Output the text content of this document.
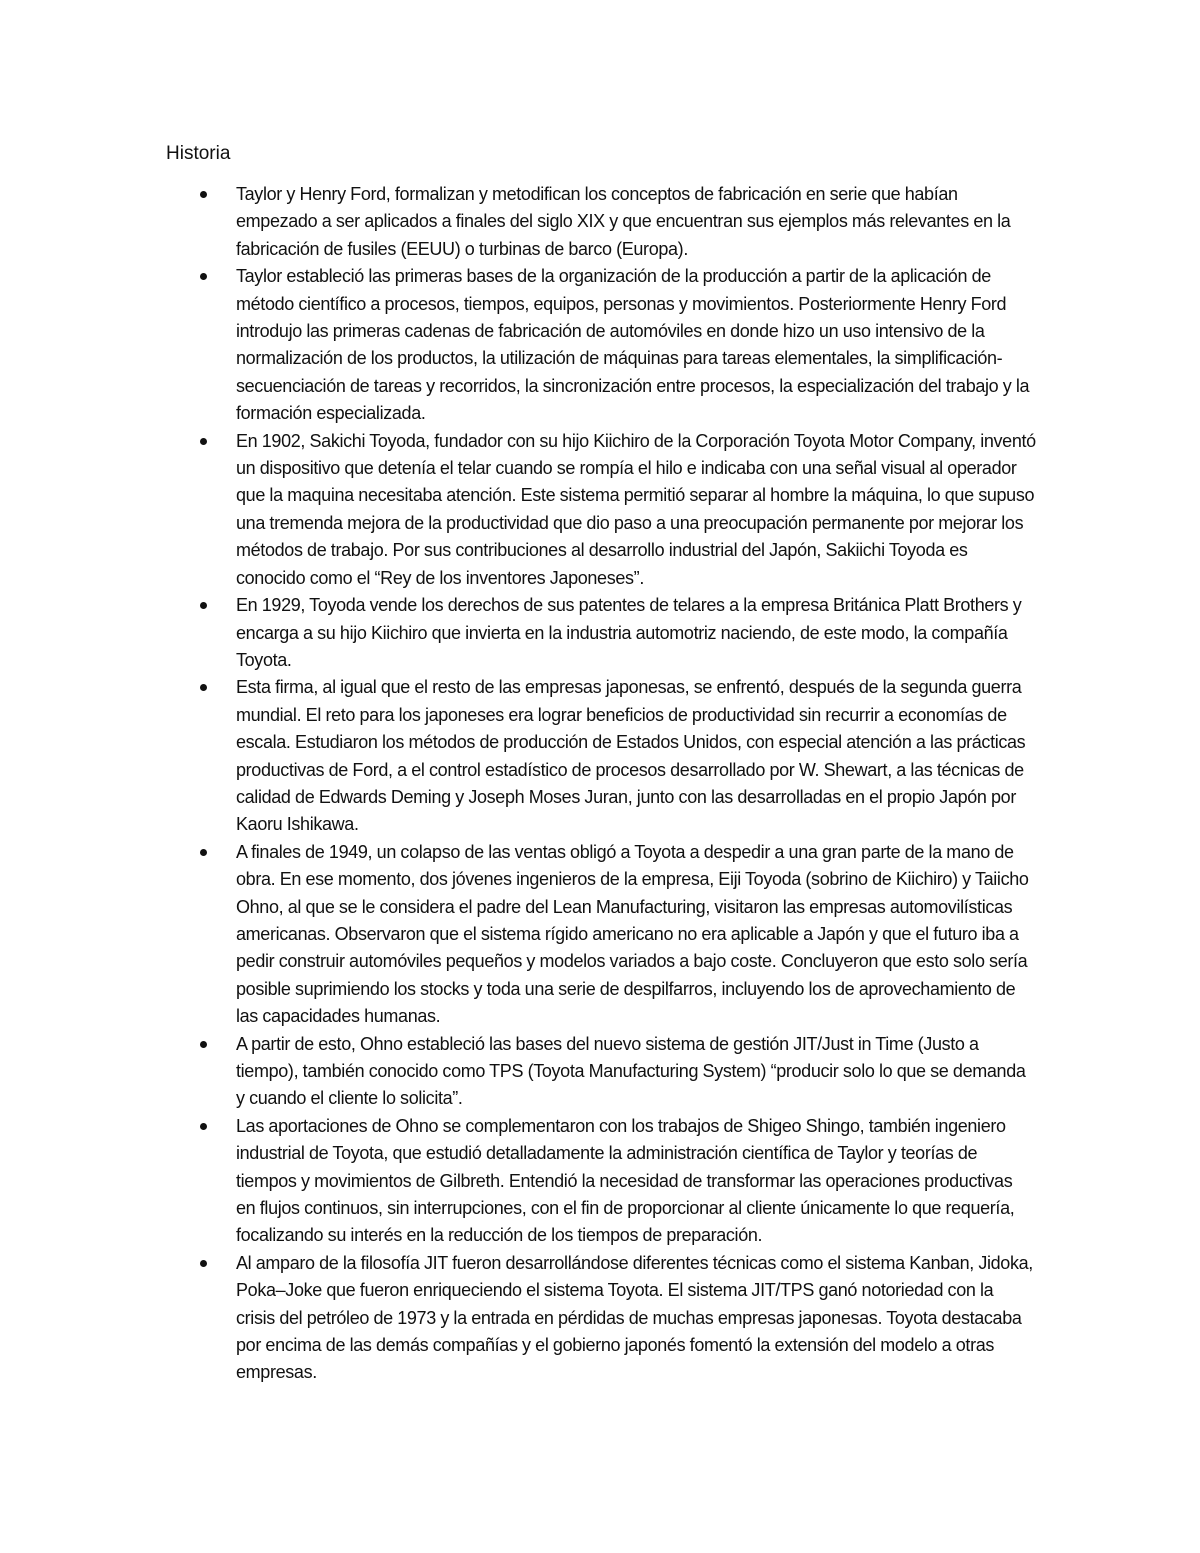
Historia
Taylor y Henry Ford, formalizan y metodifican los conceptos de fabricación en serie que habían empezado a ser aplicados a finales del siglo XIX y que encuentran sus ejemplos más relevantes en la fabricación de fusiles (EEUU) o turbinas de barco (Europa).
Taylor estableció las primeras bases de la organización de la producción a partir de la aplicación de método científico a procesos, tiempos, equipos, personas y movimientos. Posteriormente Henry Ford introdujo las primeras cadenas de fabricación de automóviles en donde hizo un uso intensivo de la normalización de los productos, la utilización de máquinas para tareas elementales, la simplificación-secuenciación de tareas y recorridos, la sincronización entre procesos, la especialización del trabajo y la formación especializada.
En 1902, Sakichi Toyoda, fundador con su hijo Kiichiro de la Corporación Toyota Motor Company, inventó un dispositivo que detenía el telar cuando se rompía el hilo e indicaba con una señal visual al operador que la maquina necesitaba atención. Este sistema permitió separar al hombre la máquina, lo que supuso una tremenda mejora de la productividad que dio paso a una preocupación permanente por mejorar los métodos de trabajo. Por sus contribuciones al desarrollo industrial del Japón, Sakiichi Toyoda es conocido como el “Rey de los inventores Japoneses”.
En 1929, Toyoda vende los derechos de sus patentes de telares a la empresa Británica Platt Brothers y encarga a su hijo Kiichiro que invierta en la industria automotriz naciendo, de este modo, la compañía Toyota.
Esta firma, al igual que el resto de las empresas japonesas, se enfrentó, después de la segunda guerra mundial. El reto para los japoneses era lograr beneficios de productividad sin recurrir a economías de escala. Estudiaron los métodos de producción de Estados Unidos, con especial atención a las prácticas productivas de Ford, a el control estadístico de procesos desarrollado por W. Shewart, a las técnicas de calidad de Edwards Deming y Joseph Moses Juran, junto con las desarrolladas en el propio Japón por Kaoru Ishikawa.
A finales de 1949, un colapso de las ventas obligó a Toyota a despedir a una gran parte de la mano de obra. En ese momento, dos jóvenes ingenieros de la empresa, Eiji Toyoda (sobrino de Kiichiro) y Taiicho Ohno, al que se le considera el padre del Lean Manufacturing, visitaron las empresas automovilísticas americanas. Observaron que el sistema rígido americano no era aplicable a Japón y que el futuro iba a pedir construir automóviles pequeños y modelos variados a bajo coste. Concluyeron que esto solo sería posible suprimiendo los stocks y toda una serie de despilfarros, incluyendo los de aprovechamiento de las capacidades humanas.
A partir de esto, Ohno estableció las bases del nuevo sistema de gestión JIT/Just in Time (Justo a tiempo), también conocido como TPS (Toyota Manufacturing System) “producir solo lo que se demanda y cuando el cliente lo solicita”.
Las aportaciones de Ohno se complementaron con los trabajos de Shigeo Shingo, también ingeniero industrial de Toyota, que estudió detalladamente la administración científica de Taylor y teorías de tiempos y movimientos de Gilbreth. Entendió la necesidad de transformar las operaciones productivas en flujos continuos, sin interrupciones, con el fin de proporcionar al cliente únicamente lo que requería, focalizando su interés en la reducción de los tiempos de preparación.
Al amparo de la filosofía JIT fueron desarrollándose diferentes técnicas como el sistema Kanban, Jidoka, Poka–Joke que fueron enriqueciendo el sistema Toyota. El sistema JIT/TPS ganó notoriedad con la crisis del petróleo de 1973 y la entrada en pérdidas de muchas empresas japonesas. Toyota destacaba por encima de las demás compañías y el gobierno japonés fomentó la extensión del modelo a otras empresas.
